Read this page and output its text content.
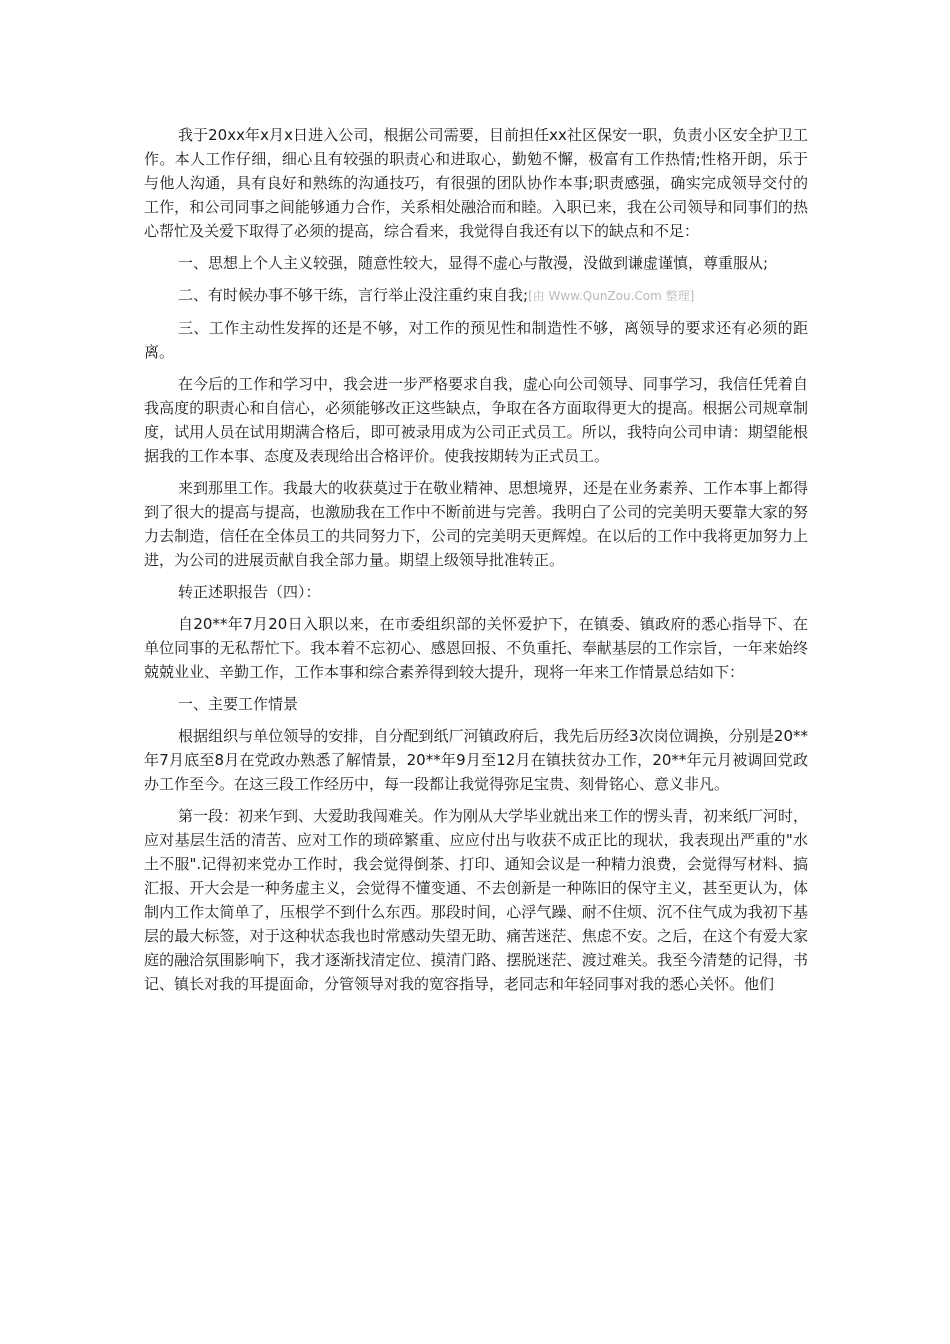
我于20xx年x月x日进入公司，根据公司需要，目前担任xx社区保安一职，负责小区安全护卫工作。本人工作仔细，细心且有较强的职责心和进取心，勤勉不懈，极富有工作热情;性格开朗，乐于与他人沟通，具有良好和熟练的沟通技巧，有很强的团队协作本事;职责感强，确实完成领导交付的工作，和公司同事之间能够通力合作，关系相处融洽而和睦。入职已来，我在公司领导和同事们的热心帮忙及关爱下取得了必须的提高，综合看来，我觉得自我还有以下的缺点和不足：

一、思想上个人主义较强，随意性较大，显得不虚心与散漫，没做到谦虚谨慎，尊重服从;

二、有时候办事不够干练，言行举止没注重约束自我;[由 Www.QunZou.Com 整理]

三、工作主动性发挥的还是不够，对工作的预见性和制造性不够，离领导的要求还有必须的距离。

在今后的工作和学习中，我会进一步严格要求自我，虚心向公司领导、同事学习，我信任凭着自我高度的职责心和自信心，必须能够改正这些缺点，争取在各方面取得更大的提高。根据公司规章制度，试用人员在试用期满合格后，即可被录用成为公司正式员工。所以，我特向公司申请：期望能根据我的工作本事、态度及表现给出合格评价。使我按期转为正式员工。

来到那里工作。我最大的收获莫过于在敬业精神、思想境界，还是在业务素养、工作本事上都得到了很大的提高与提高，也激励我在工作中不断前进与完善。我明白了公司的完美明天要靠大家的努力去制造，信任在全体员工的共同努力下，公司的完美明天更辉煌。在以后的工作中我将更加努力上进，为公司的进展贡献自我全部力量。期望上级领导批准转正。

转正述职报告（四）：

自20**年7月20日入职以来，在市委组织部的关怀爱护下，在镇委、镇政府的悉心指导下、在单位同事的无私帮忙下。我本着不忘初心、感恩回报、不负重托、奉献基层的工作宗旨，一年来始终兢兢业业、辛勤工作，工作本事和综合素养得到较大提升，现将一年来工作情景总结如下：

一、主要工作情景

根据组织与单位领导的安排，自分配到纸厂河镇政府后，我先后历经3次岗位调换，分别是20**年7月底至8月在党政办熟悉了解情景，20**年9月至12月在镇扶贫办工作，20**年元月被调回党政办工作至今。在这三段工作经历中，每一段都让我觉得弥足宝贵、刻骨铭心、意义非凡。

第一段：初来乍到、大爱助我闯难关。作为刚从大学毕业就出来工作的愣头青，初来纸厂河时，应对基层生活的清苦、应对工作的琐碎繁重、应应付出与收获不成正比的现状，我表现出严重的"水土不服".记得初来党办工作时，我会觉得倒茶、打印、通知会议是一种精力浪费，会觉得写材料、搞汇报、开大会是一种务虚主义，会觉得不懂变通、不去创新是一种陈旧的保守主义，甚至更认为，体制内工作太简单了，压根学不到什么东西。那段时间，心浮气躁、耐不住烦、沉不住气成为我初下基层的最大标签，对于这种状态我也时常感动失望无助、痛苦迷茫、焦虑不安。之后，在这个有爱大家庭的融洽氛围影响下，我才逐渐找清定位、摸清门路、摆脱迷茫、渡过难关。我至今清楚的记得，书记、镇长对我的耳提面命，分管领导对我的宽容指导，老同志和年轻同事对我的悉心关怀。他们
